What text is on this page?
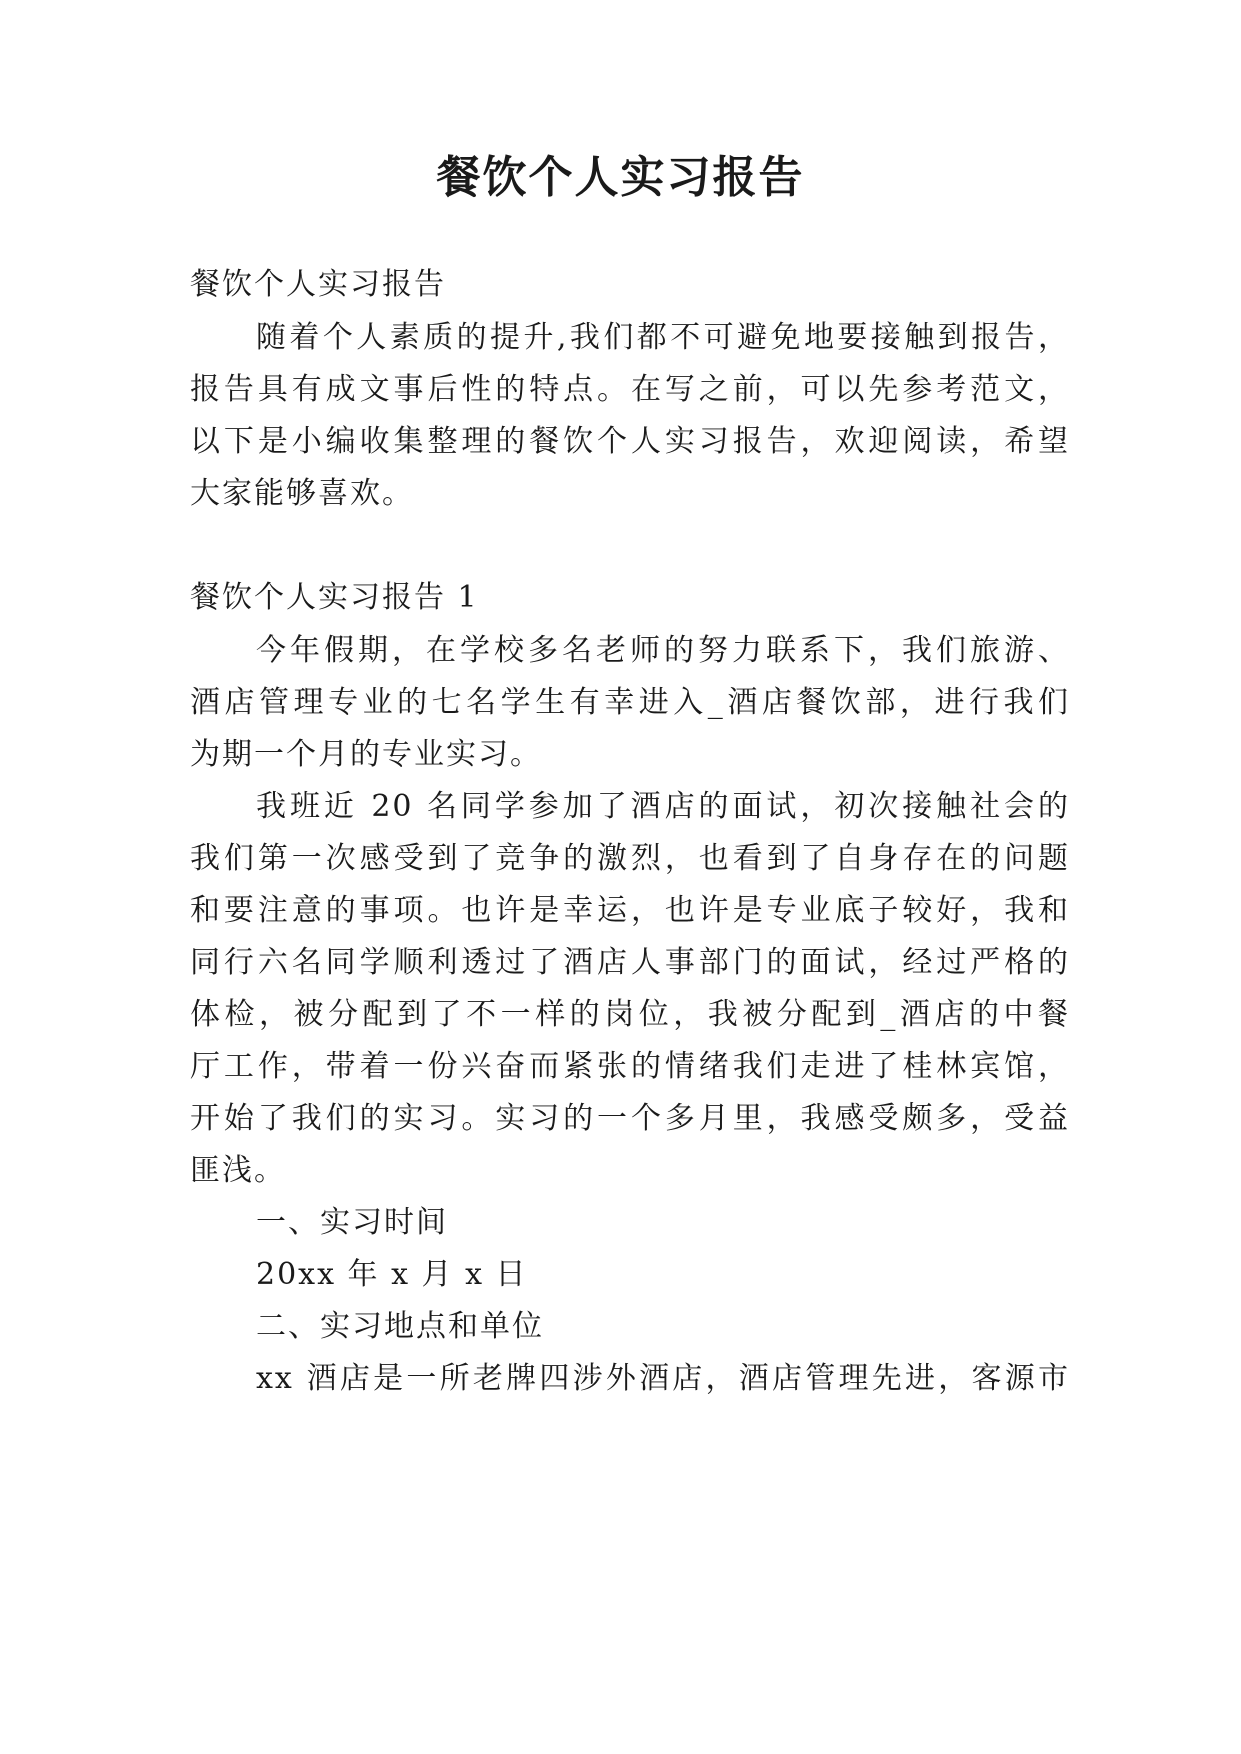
餐饮个人实习报告
餐饮个人实习报告
随着个人素质的提升,我们都不可避免地要接触到报告，
报告具有成文事后性的特点。在写之前，可以先参考范文，
以下是小编收集整理的餐饮个人实习报告，欢迎阅读，希望
大家能够喜欢。
餐饮个人实习报告 1
今年假期，在学校多名老师的努力联系下，我们旅游、
酒店管理专业的七名学生有幸进入_酒店餐饮部，进行我们
为期一个月的专业实习。
我班近 20 名同学参加了酒店的面试，初次接触社会的
我们第一次感受到了竞争的激烈，也看到了自身存在的问题
和要注意的事项。也许是幸运，也许是专业底子较好，我和
同行六名同学顺利透过了酒店人事部门的面试，经过严格的
体检，被分配到了不一样的岗位，我被分配到_酒店的中餐
厅工作，带着一份兴奋而紧张的情绪我们走进了桂林宾馆，
开始了我们的实习。实习的一个多月里，我感受颇多，受益
匪浅。
一、实习时间
20xx 年 x 月 x 日
二、实习地点和单位
xx 酒店是一所老牌四涉外酒店，酒店管理先进，客源市
